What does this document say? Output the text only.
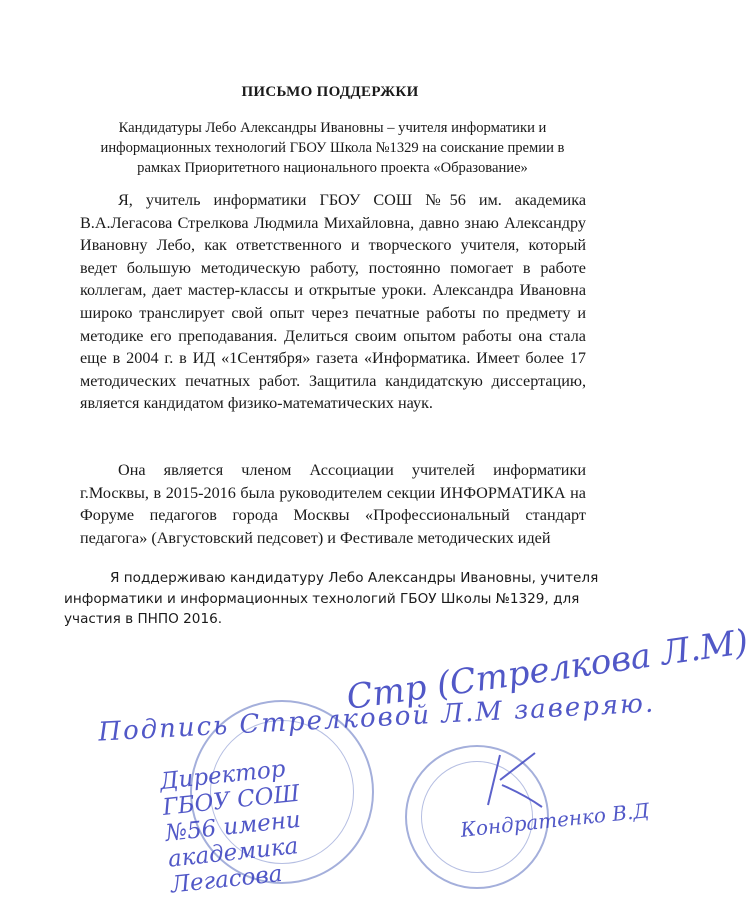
ПИСЬМО ПОДДЕРЖКИ
Кандидатуры Лебо Александры Ивановны – учителя информатики и информационных технологий ГБОУ Школа №1329 на соискание премии в рамках Приоритетного национального проекта «Образование»
Я, учитель информатики ГБОУ СОШ №56 им. академика В.А.Легасова Стрелкова Людмила Михайловна, давно знаю Александру Ивановну Лебо, как ответственного и творческого учителя, который ведет большую методическую работу, постоянно помогает в работе коллегам, дает мастер-классы и открытые уроки. Александра Ивановна широко транслирует свой опыт через печатные работы по предмету и методике его преподавания. Делиться своим опытом работы она стала еще в 2004 г. в ИД «1Сентября» газета «Информатика. Имеет более 17 методических печатных работ. Защитила кандидатскую диссертацию, является кандидатом физико-математических наук.
Она является членом Ассоциации учителей информатики г.Москвы, в 2015-2016 была руководителем секции ИНФОРМАТИКА на Форуме педагогов города Москвы «Профессиональный стандарт педагога» (Августовский педсовет) и Фестивале методических идей
Я поддерживаю кандидатуру Лебо Александры Ивановны, учителя информатики и информационных технологий ГБОУ Школы №1329, для участия в ПНПО 2016.
Стр (Стрелкова Л.М)
Подпись Стрелковой Л.М заверяю.
Директор ГБОУ СОШ №56 имени академика Легасова
Кондратенко В.Д
